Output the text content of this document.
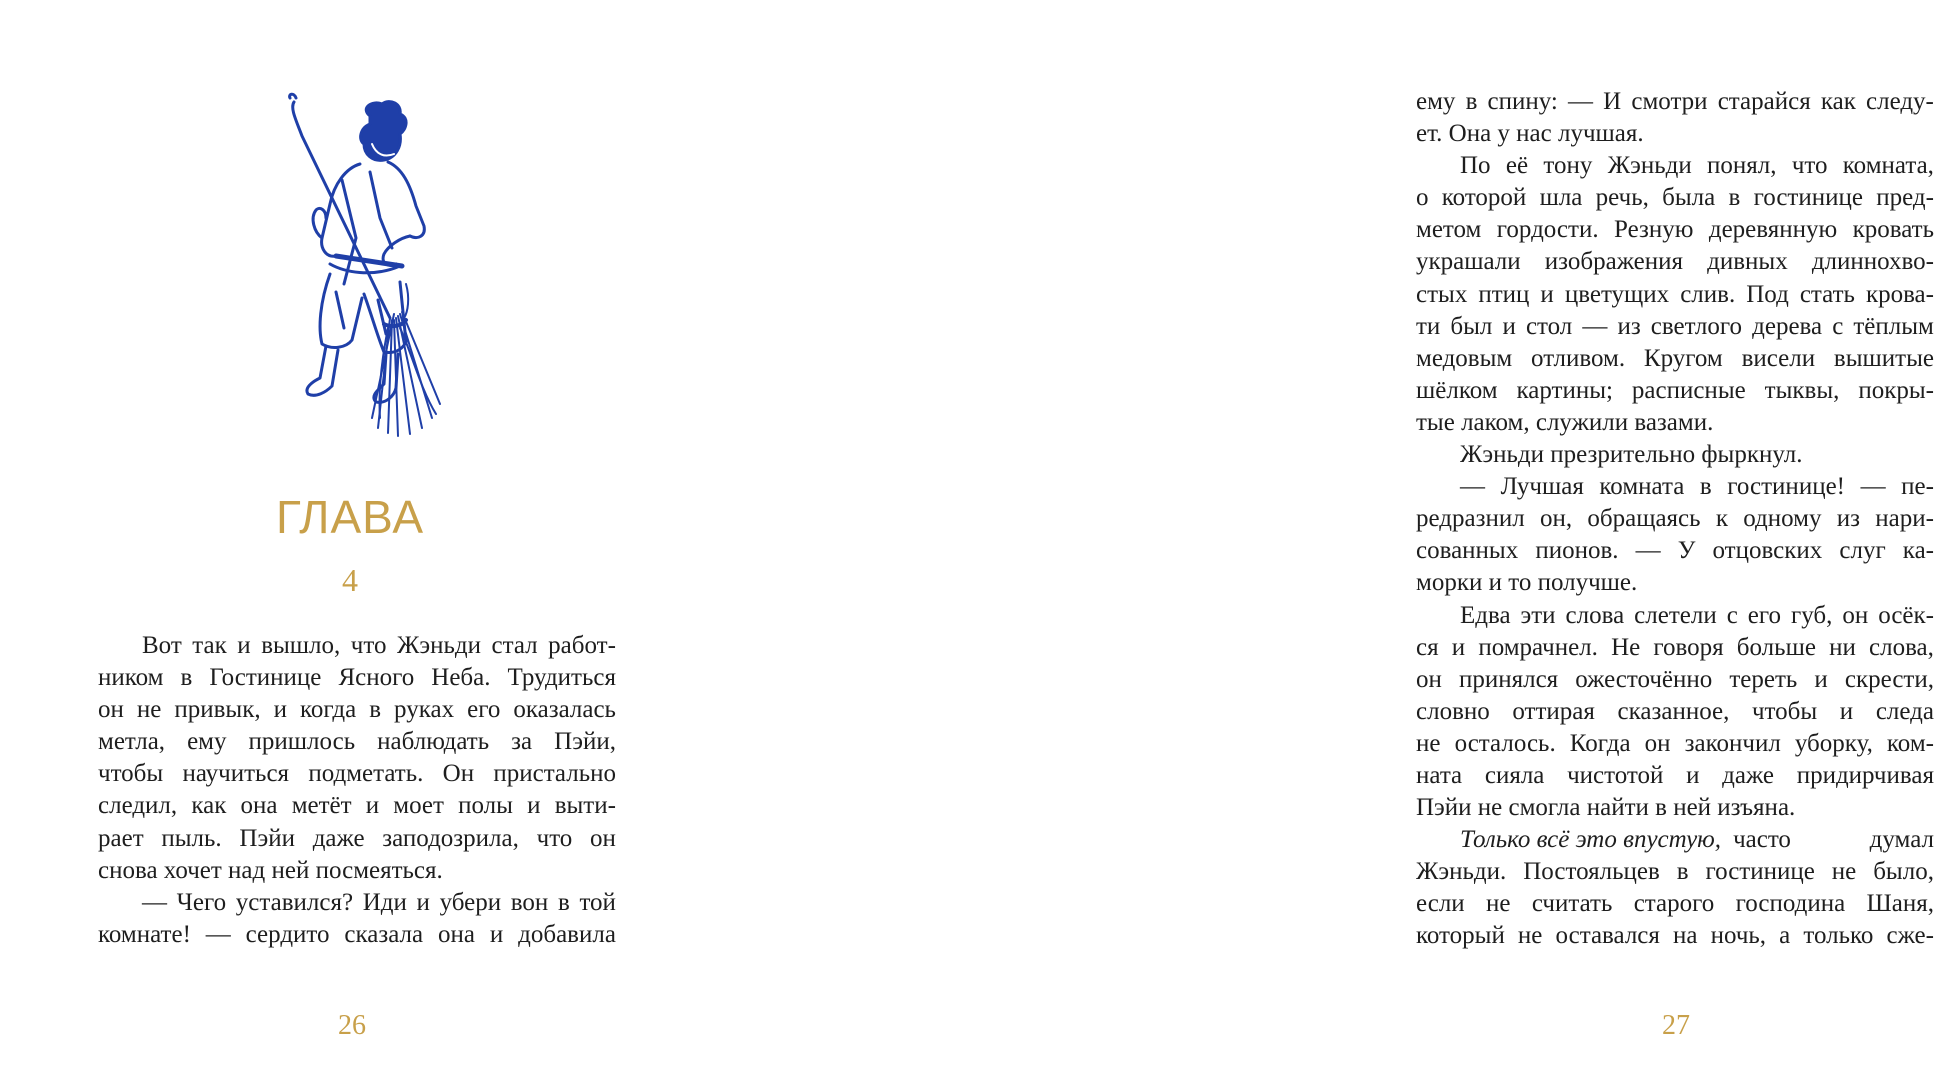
ГЛАВА
4
Вот так и вышло, что Жэньди стал работ-
ником в Гостинице Ясного Неба. Трудиться
он не привык, и когда в руках его оказалась
метла, ему пришлось наблюдать за Пэйи,
чтобы научиться подметать. Он пристально
следил, как она метёт и моет полы и выти-
рает пыль. Пэйи даже заподозрила, что он
снова хочет над ней посмеяться.
— Чего уставился? Иди и убери вон в той
комнате! — сердито сказала она и добавила
26
ему в спину: — И смотри старайся как следу-
ет. Она у нас лучшая.
По её тону Жэньди понял, что комната,
о которой шла речь, была в гостинице пред-
метом гордости. Резную деревянную кровать
украшали изображения дивных длиннохво-
стых птиц и цветущих слив. Под стать крова-
ти был и стол — из светлого дерева с тёплым
медовым отливом. Кругом висели вышитые
шёлком картины; расписные тыквы, покры-
тые лаком, служили вазами.
Жэньди презрительно фыркнул.
— Лучшая комната в гостинице! — пе-
редразнил он, обращаясь к одному из нари-
сованных пионов. — У отцовских слуг ка-
морки и то получше.
Едва эти слова слетели с его губ, он осёк-
ся и помрачнел. Не говоря больше ни слова,
он принялся ожесточённо тереть и скрести,
словно оттирая сказанное, чтобы и следа
не осталось. Когда он закончил уборку, ком-
ната сияла чистотой и даже придирчивая
Пэйи не смогла найти в ней изъяна.
Только всё это впустую, часто	думал
Жэньди. Постояльцев в гостинице не было,
если не считать старого господина Шаня,
который не оставался на ночь, а только сже-
27
